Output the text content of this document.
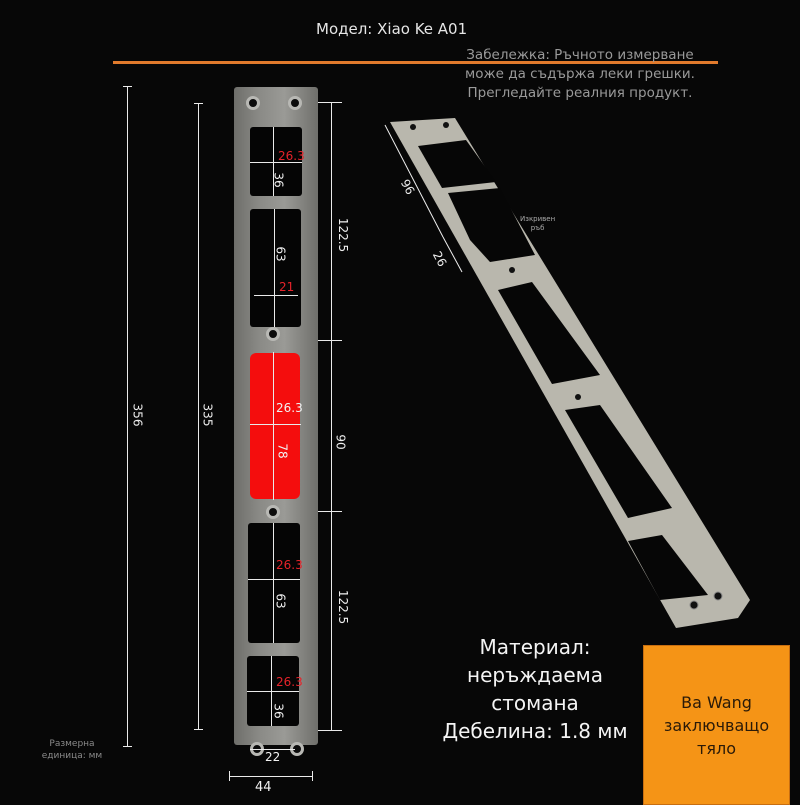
Модел: Xiao Ke A01
Забележка: Ръчното измерване
може да съдържа леки грешки.
Прегледайте реалния продукт.
356	335
122.5
90
122.5
26.3
36
63
21
26.3
78
26.3
63
26.3
36
22
44
96
26
Изкривен
ръб
Размерна
единица: мм
Материал:
неръждаема стомана
Дебелина: 1.8 мм
Ba Wang
заключващо
тяло
